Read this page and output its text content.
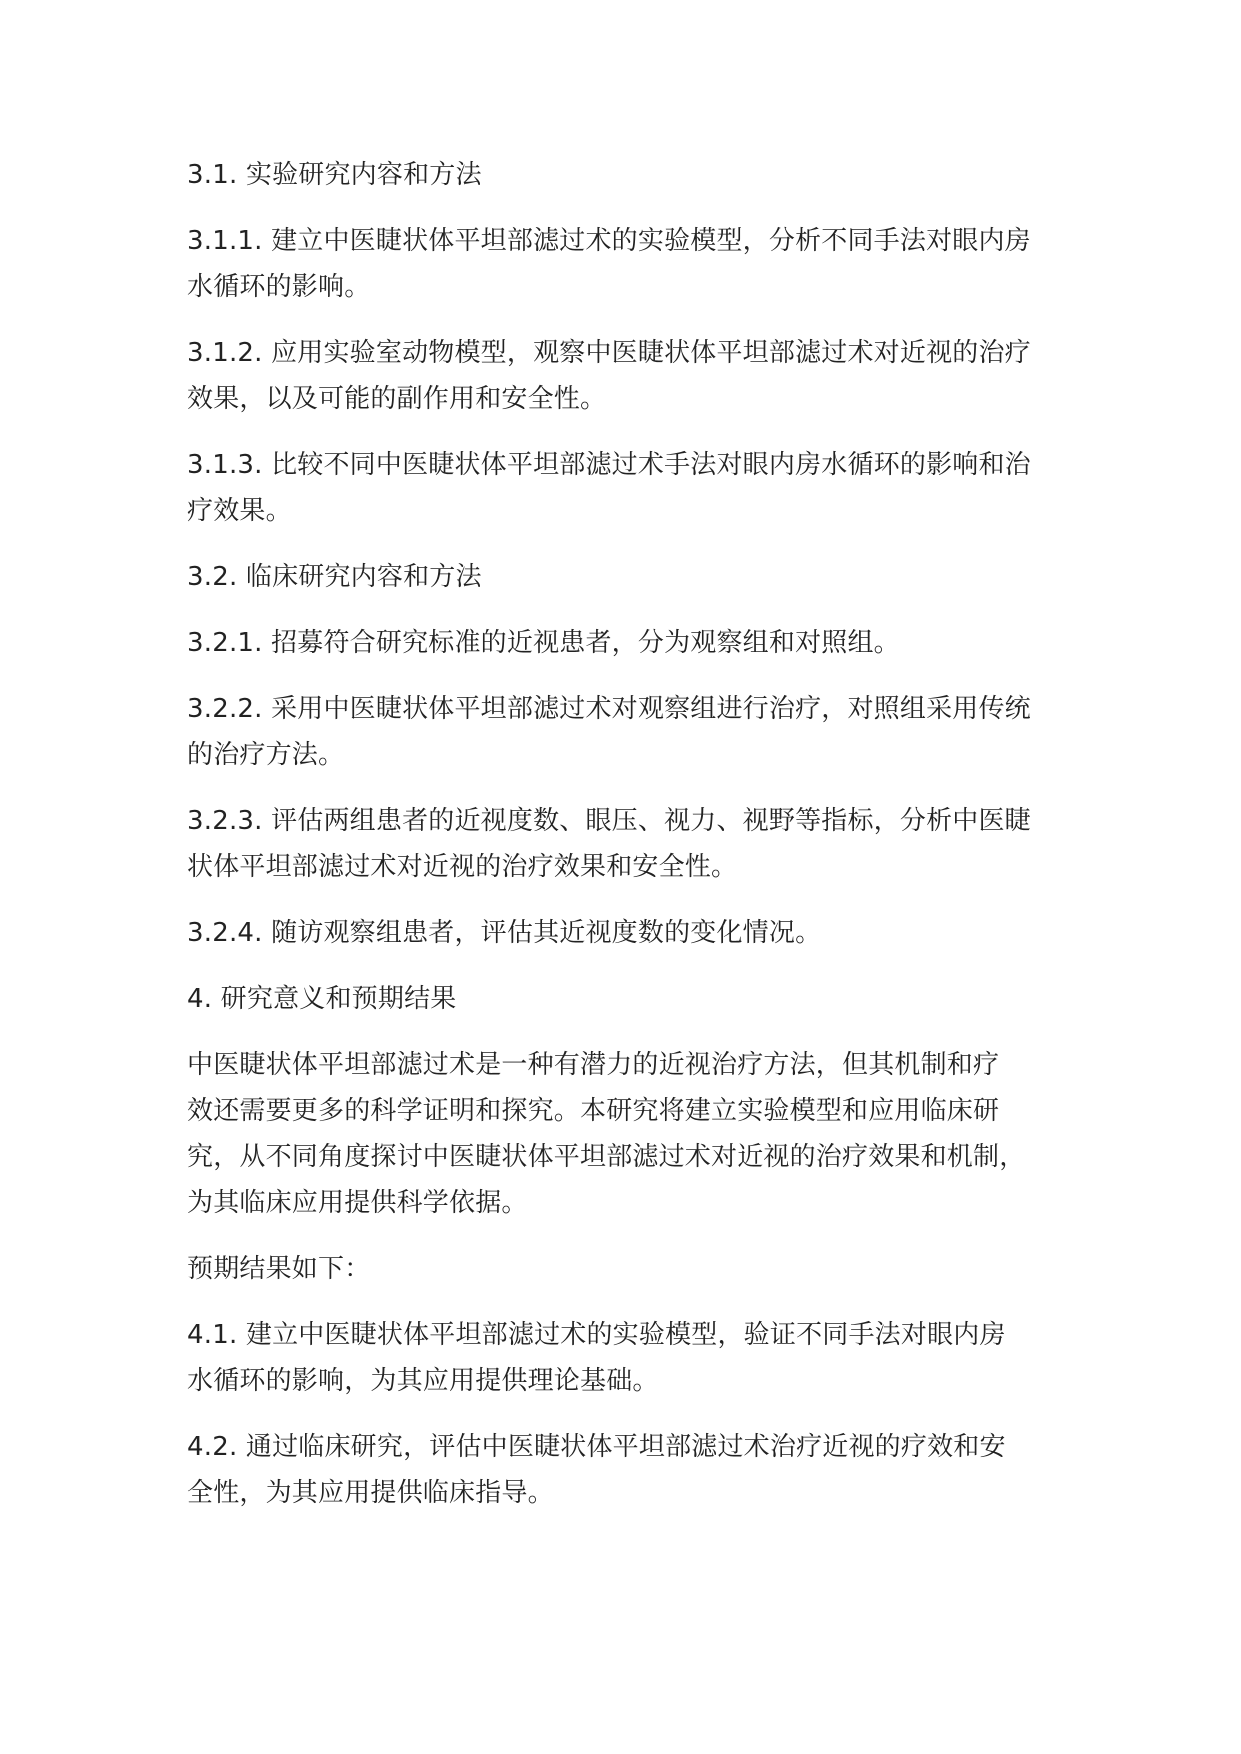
3.1. 实验研究内容和方法

3.1.1. 建立中医睫状体平坦部滤过术的实验模型，分析不同手法对眼内房
水循环的影响。

3.1.2. 应用实验室动物模型，观察中医睫状体平坦部滤过术对近视的治疗
效果，以及可能的副作用和安全性。

3.1.3. 比较不同中医睫状体平坦部滤过术手法对眼内房水循环的影响和治
疗效果。

3.2. 临床研究内容和方法

3.2.1. 招募符合研究标准的近视患者，分为观察组和对照组。

3.2.2. 采用中医睫状体平坦部滤过术对观察组进行治疗，对照组采用传统
的治疗方法。

3.2.3. 评估两组患者的近视度数、眼压、视力、视野等指标，分析中医睫
状体平坦部滤过术对近视的治疗效果和安全性。

3.2.4. 随访观察组患者，评估其近视度数的变化情况。

4. 研究意义和预期结果

中医睫状体平坦部滤过术是一种有潜力的近视治疗方法，但其机制和疗
效还需要更多的科学证明和探究。本研究将建立实验模型和应用临床研
究，从不同角度探讨中医睫状体平坦部滤过术对近视的治疗效果和机制，
为其临床应用提供科学依据。

预期结果如下：

4.1. 建立中医睫状体平坦部滤过术的实验模型，验证不同手法对眼内房
水循环的影响，为其应用提供理论基础。

4.2. 通过临床研究，评估中医睫状体平坦部滤过术治疗近视的疗效和安
全性，为其应用提供临床指导。
